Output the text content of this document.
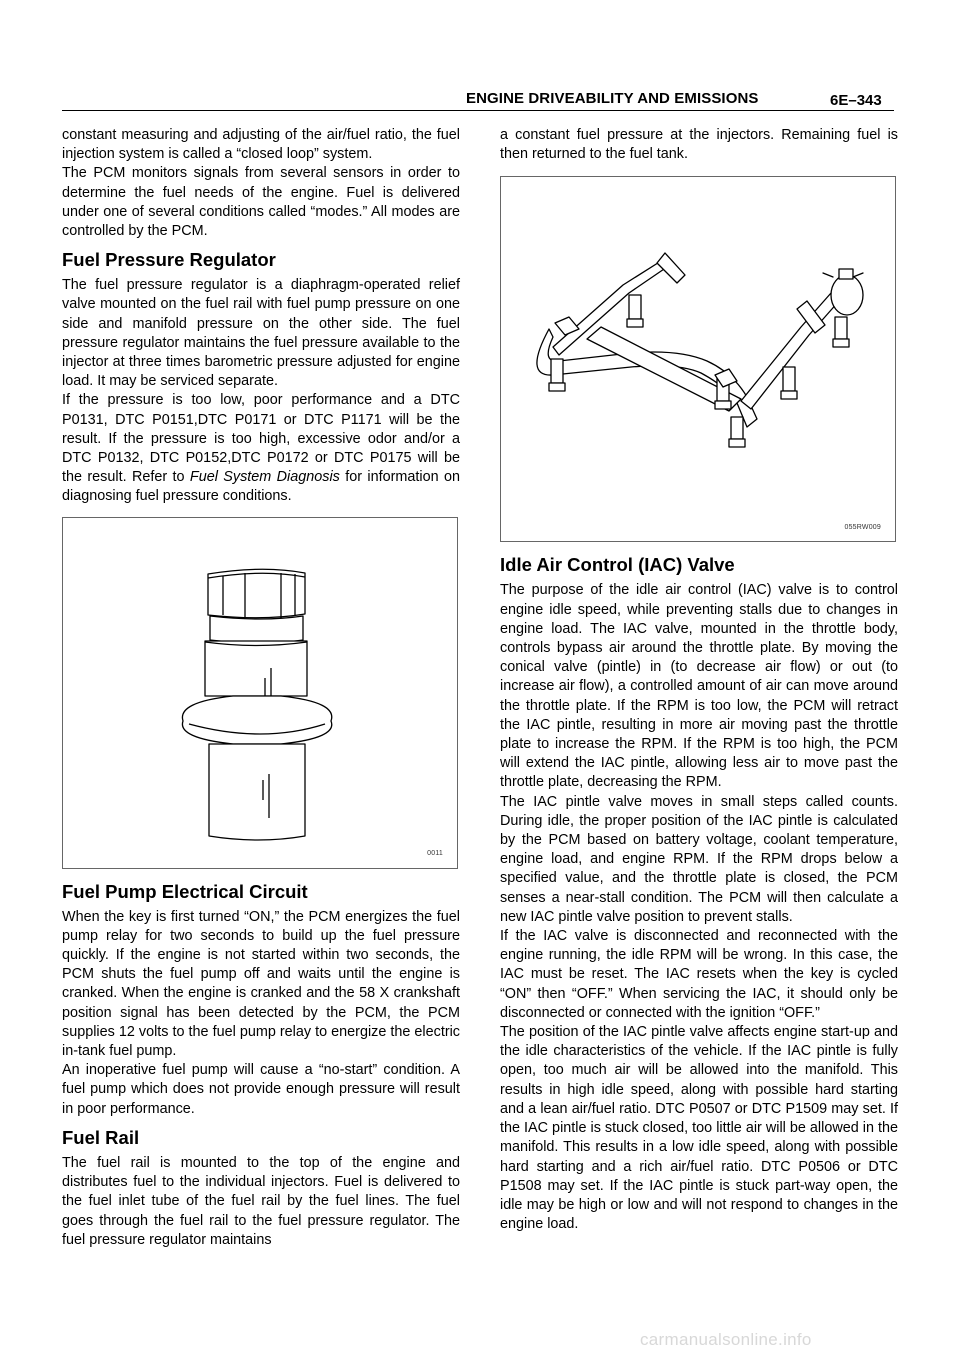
ENGINE DRIVEABILITY AND EMISSIONS	6E–343

constant measuring and adjusting of the air/fuel ratio, the fuel injection system is called a “closed loop” system.

The PCM monitors signals from several sensors in order to determine the fuel needs of the engine. Fuel is delivered under one of several conditions called “modes.” All modes are controlled by the PCM.

Fuel Pressure Regulator

The fuel pressure regulator is a diaphragm-operated relief valve mounted on the fuel rail with fuel pump pressure on one side and manifold pressure on the other side. The fuel pressure regulator maintains the fuel pressure available to the injector at three times barometric pressure adjusted for engine load. It may be serviced separate.

If the pressure is too low, poor performance and a DTC P0131, DTC P0151,DTC P0171 or DTC P1171 will be the result. If the pressure is too high, excessive odor and/or a DTC P0132, DTC P0152,DTC P0172 or DTC P0175 will be the result. Refer to Fuel System Diagnosis for information on diagnosing fuel pressure conditions.

0011
Fuel Pump Electrical Circuit

When the key is first turned “ON,” the PCM energizes the fuel pump relay for two seconds to build up the fuel pressure quickly. If the engine is not started within two seconds, the PCM shuts the fuel pump off and waits until the engine is cranked. When the engine is cranked and the 58 X crankshaft position signal has been detected by the PCM, the PCM supplies 12 volts to the fuel pump relay to energize the electric in-tank fuel pump.

An inoperative fuel pump will cause a “no-start” condition. A fuel pump which does not provide enough pressure will result in poor performance.

Fuel Rail

The fuel rail is mounted to the top of the engine and distributes fuel to the individual injectors. Fuel is delivered to the fuel inlet tube of the fuel rail by the fuel lines. The fuel goes through the fuel rail to the fuel pressure regulator. The fuel pressure regulator maintains

a constant fuel pressure at the injectors. Remaining fuel is then returned to the fuel tank.

055RW009
Idle Air Control (IAC) Valve

The purpose of the idle air control (IAC) valve is to control engine idle speed, while preventing stalls due to changes in engine load. The IAC valve, mounted in the throttle body, controls bypass air around the throttle plate. By moving the conical valve (pintle) in (to decrease air flow) or out (to increase air flow), a controlled amount of air can move around the throttle plate. If the RPM is too low, the PCM will retract the IAC pintle, resulting in more air moving past the throttle plate to increase the RPM. If the RPM is too high, the PCM will extend the IAC pintle, allowing less air to move past the throttle plate, decreasing the RPM.

The IAC pintle valve moves in small steps called counts. During idle, the proper position of the IAC pintle is calculated by the PCM based on battery voltage, coolant temperature, engine load, and engine RPM. If the RPM drops below a specified value, and the throttle plate is closed, the PCM senses a near-stall condition. The PCM will then calculate a new IAC pintle valve position to prevent stalls.

If the IAC valve is disconnected and reconnected with the engine running, the idle RPM will be wrong. In this case, the IAC must be reset. The IAC resets when the key is cycled “ON” then “OFF.” When servicing the IAC, it should only be disconnected or connected with the ignition “OFF.”

The position of the IAC pintle valve affects engine start-up and the idle characteristics of the vehicle. If the IAC pintle is fully open, too much air will be allowed into the manifold. This results in high idle speed, along with possible hard starting and a lean air/fuel ratio. DTC P0507 or DTC P1509 may set. If the IAC pintle is stuck closed, too little air will be allowed in the manifold. This results in a low idle speed, along with possible hard starting and a rich air/fuel ratio. DTC P0506 or DTC P1508 may set. If the IAC pintle is stuck part-way open, the idle may be high or low and will not respond to changes in the engine load.

carmanualsonline.info
